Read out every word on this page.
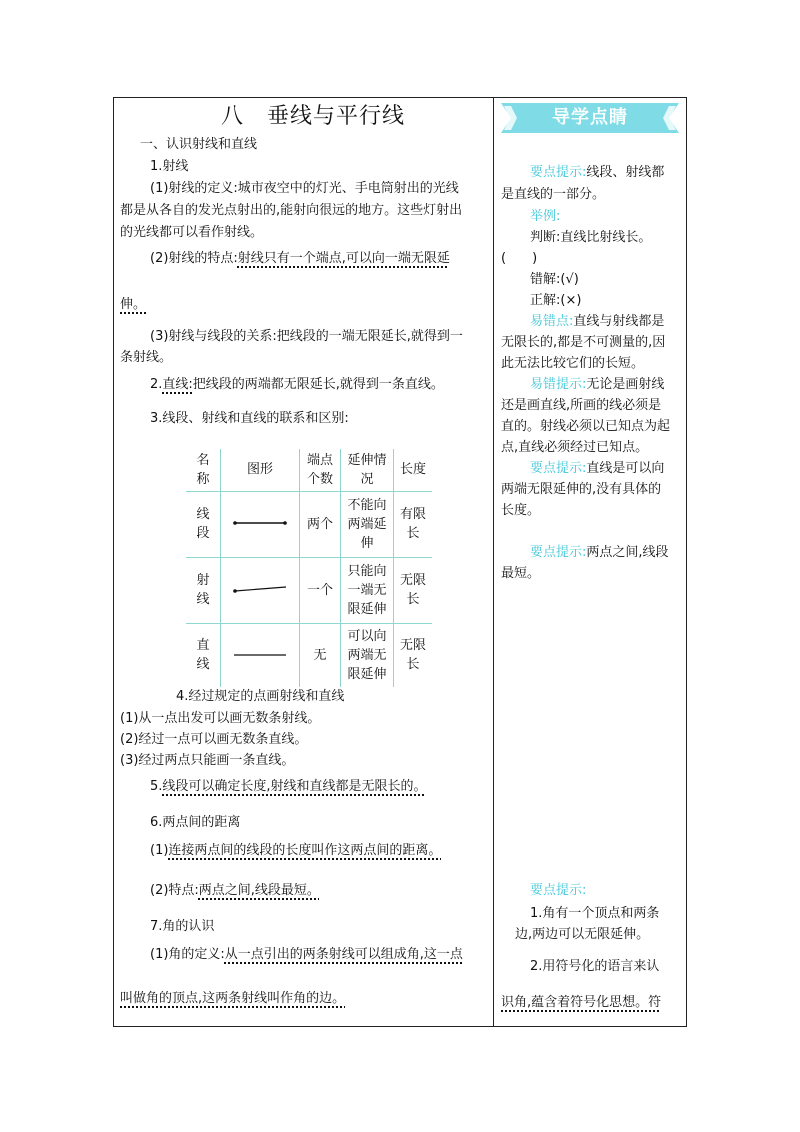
八　垂线与平行线
一、认识射线和直线
1.射线
(1)射线的定义:城市夜空中的灯光、手电筒射出的光线
都是从各自的发光点射出的,能射向很远的地方。这些灯射出
的光线都可以看作射线。
(2)射线的特点:射线只有一个端点,可以向一端无限延
伸。
(3)射线与线段的关系:把线段的一端无限延长,就得到一
条射线。
2.直线:把线段的两端都无限延长,就得到一条直线。
3.线段、射线和直线的联系和区别:
名称	图形	端点个数	延伸情况	长度

线段		两个	不能向两端延伸	有限长

射线		一个	只能向一端无限延伸	无限长

直线		无	可以向两端无限延伸	无限长
4.经过规定的点画射线和直线
(1)从一点出发可以画无数条射线。
(2)经过一点可以画无数条直线。
(3)经过两点只能画一条直线。
5.线段可以确定长度,射线和直线都是无限长的。
6.两点间的距离
(1)连接两点间的线段的长度叫作这两点间的距离。
(2)特点:两点之间,线段最短。
7.角的认识
(1)角的定义:从一点引出的两条射线可以组成角,这一点
叫做角的顶点,这两条射线叫作角的边。
导学点睛
要点提示:线段、射线都
是直线的一部分。
举例:
判断:直线比射线长。
(　　)
错解:(√)
正解:(×)
易错点:直线与射线都是
无限长的,都是不可测量的,因
此无法比较它们的长短。
易错提示:无论是画射线
还是画直线,所画的线必须是
直的。射线必须以已知点为起
点,直线必须经过已知点。
要点提示:直线是可以向
两端无限延伸的,没有具体的
长度。
要点提示:两点之间,线段
最短。
要点提示:
1.角有一个顶点和两条
边,两边可以无限延伸。
2.用符号化的语言来认
识角,蕴含着符号化思想。符
